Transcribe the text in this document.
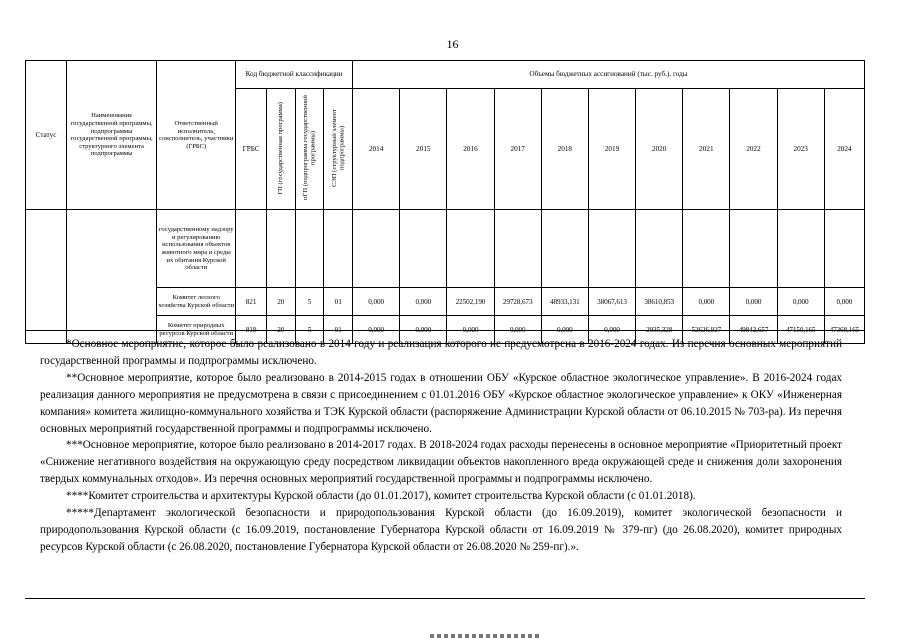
16
Статус	Наименование государственной программы, подпрограммы государственной программы, структурного элемента подпрограммы	Ответственный исполнитель, соисполнитель, участники (ГРБС)	Код бюджетной классификации				Объемы бюджетных ассигнований (тыс. руб.), годы										
			ГРБС	ГП (государственная программа)	пГП (подпрограмма государственной программы)	СЭП (структурный элемент подпрограммы)	2014	2015	2016	2017	2018	2019	2020	2021	2022	2023	2024
		государственному надзору и регулированию использования объектов животного мира и среды их обитания Курской области															
		Комитет лесного хозяйства Курской области	821	20	5	01	0,000	0,000	22502,190	29728,673	48933,131	38067,613	38610,853	0,000	0,000	0,000	0,000
		Комитет природных ресурсов Курской области	819	20	5	01	0,000	0,000	0,000	0,000	0,000	0,000	2935,328	52626,927	49842,657	47150,165	47368,165

*Основное мероприятие, которое было реализовано в 2014 году и реализация которого не предусмотрена в 2016-2024 годах. Из перечня основных мероприятий государственной программы и подпрограммы исключено.

**Основное мероприятие, которое было реализовано в 2014-2015 годах в отношении ОБУ «Курское областное экологическое управление». В 2016-2024 годах реализация данного мероприятия не предусмотрена в связи с присоединением с 01.01.2016 ОБУ «Курское областное экологическое управление» к ОКУ «Инженерная компания» комитета жилищно-коммунального хозяйства и ТЭК Курской области (распоряжение Администрации Курской области от 06.10.2015 № 703-ра). Из перечня основных мероприятий государственной программы и подпрограммы исключено.

***Основное мероприятие, которое было реализовано в 2014-2017 годах. В 2018-2024 годах расходы перенесены в основное мероприятие «Приоритетный проект «Снижение негативного воздействия на окружающую среду посредством ликвидации объектов накопленного вреда окружающей среде и снижения доли захоронения твердых коммунальных отходов». Из перечня основных мероприятий государственной программы и подпрограммы исключено.

****Комитет строительства и архитектуры Курской области (до 01.01.2017), комитет строительства Курской области (с 01.01.2018).

*****Департамент экологической безопасности и природопользования Курской области (до 16.09.2019), комитет экологической безопасности и природопользования Курской области (с 16.09.2019, постановление Губернатора Курской области от 16.09.2019 № 379-пг) (до 26.08.2020), комитет природных ресурсов Курской области (с 26.08.2020, постановление Губернатора Курской области от 26.08.2020 № 259-пг).».
